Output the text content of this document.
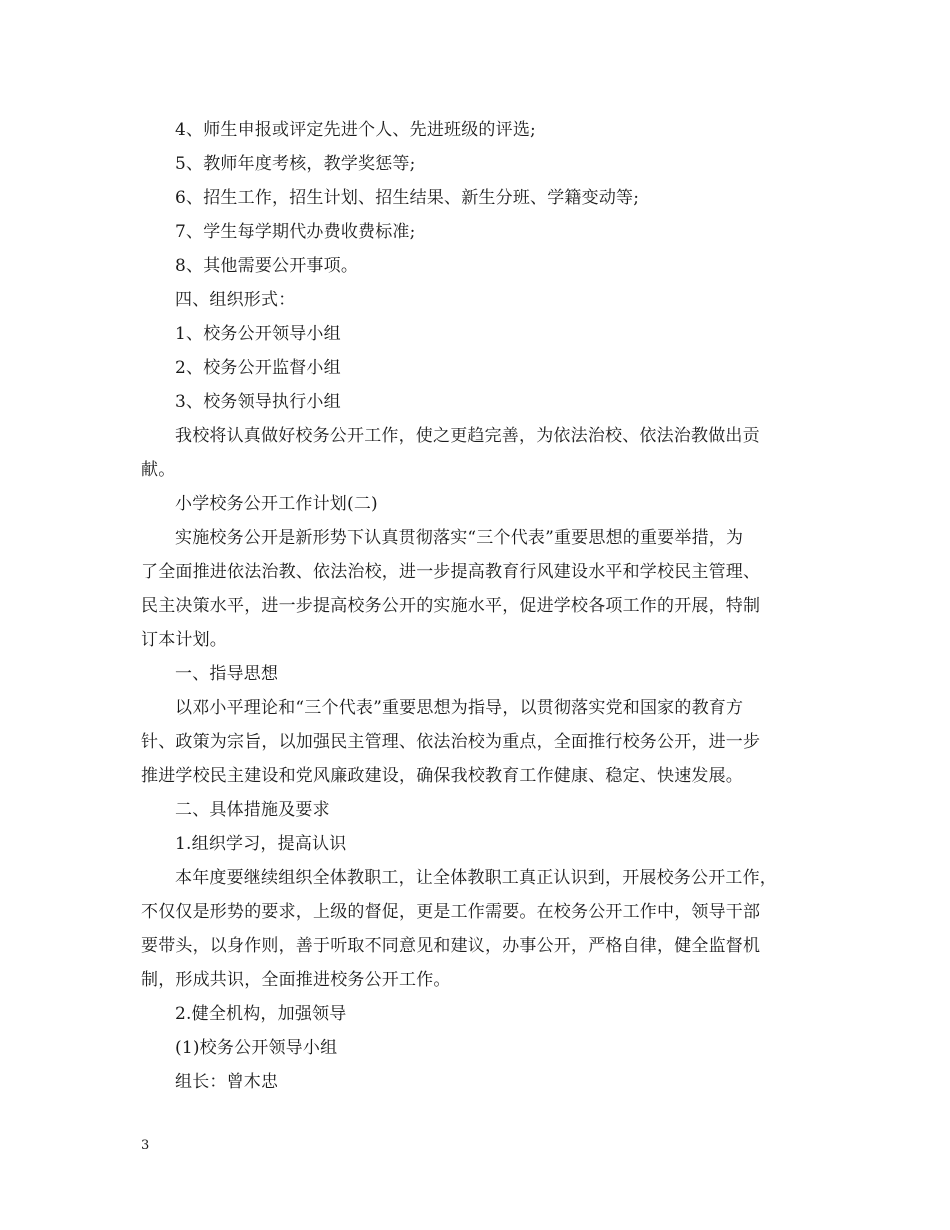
4、师生申报或评定先进个人、先进班级的评选;
5、教师年度考核，教学奖惩等;
6、招生工作，招生计划、招生结果、新生分班、学籍变动等;
7、学生每学期代办费收费标准;
8、其他需要公开事项。
四、组织形式：
1、校务公开领导小组
2、校务公开监督小组
3、校务领导执行小组
我校将认真做好校务公开工作，使之更趋完善，为依法治校、依法治教做出贡
献。
小学校务公开工作计划(二)
实施校务公开是新形势下认真贯彻落实“三个代表”重要思想的重要举措，为
了全面推进依法治教、依法治校，进一步提高教育行风建设水平和学校民主管理、
民主决策水平，进一步提高校务公开的实施水平，促进学校各项工作的开展，特制
订本计划。
一、指导思想
以邓小平理论和“三个代表”重要思想为指导，以贯彻落实党和国家的教育方
针、政策为宗旨，以加强民主管理、依法治校为重点，全面推行校务公开，进一步
推进学校民主建设和党风廉政建设，确保我校教育工作健康、稳定、快速发展。
二、具体措施及要求
1.组织学习，提高认识
本年度要继续组织全体教职工，让全体教职工真正认识到，开展校务公开工作，
不仅仅是形势的要求，上级的督促，更是工作需要。在校务公开工作中，领导干部
要带头，以身作则，善于听取不同意见和建议，办事公开，严格自律，健全监督机
制，形成共识，全面推进校务公开工作。
2.健全机构，加强领导
(1)校务公开领导小组
组长：曾木忠
3
